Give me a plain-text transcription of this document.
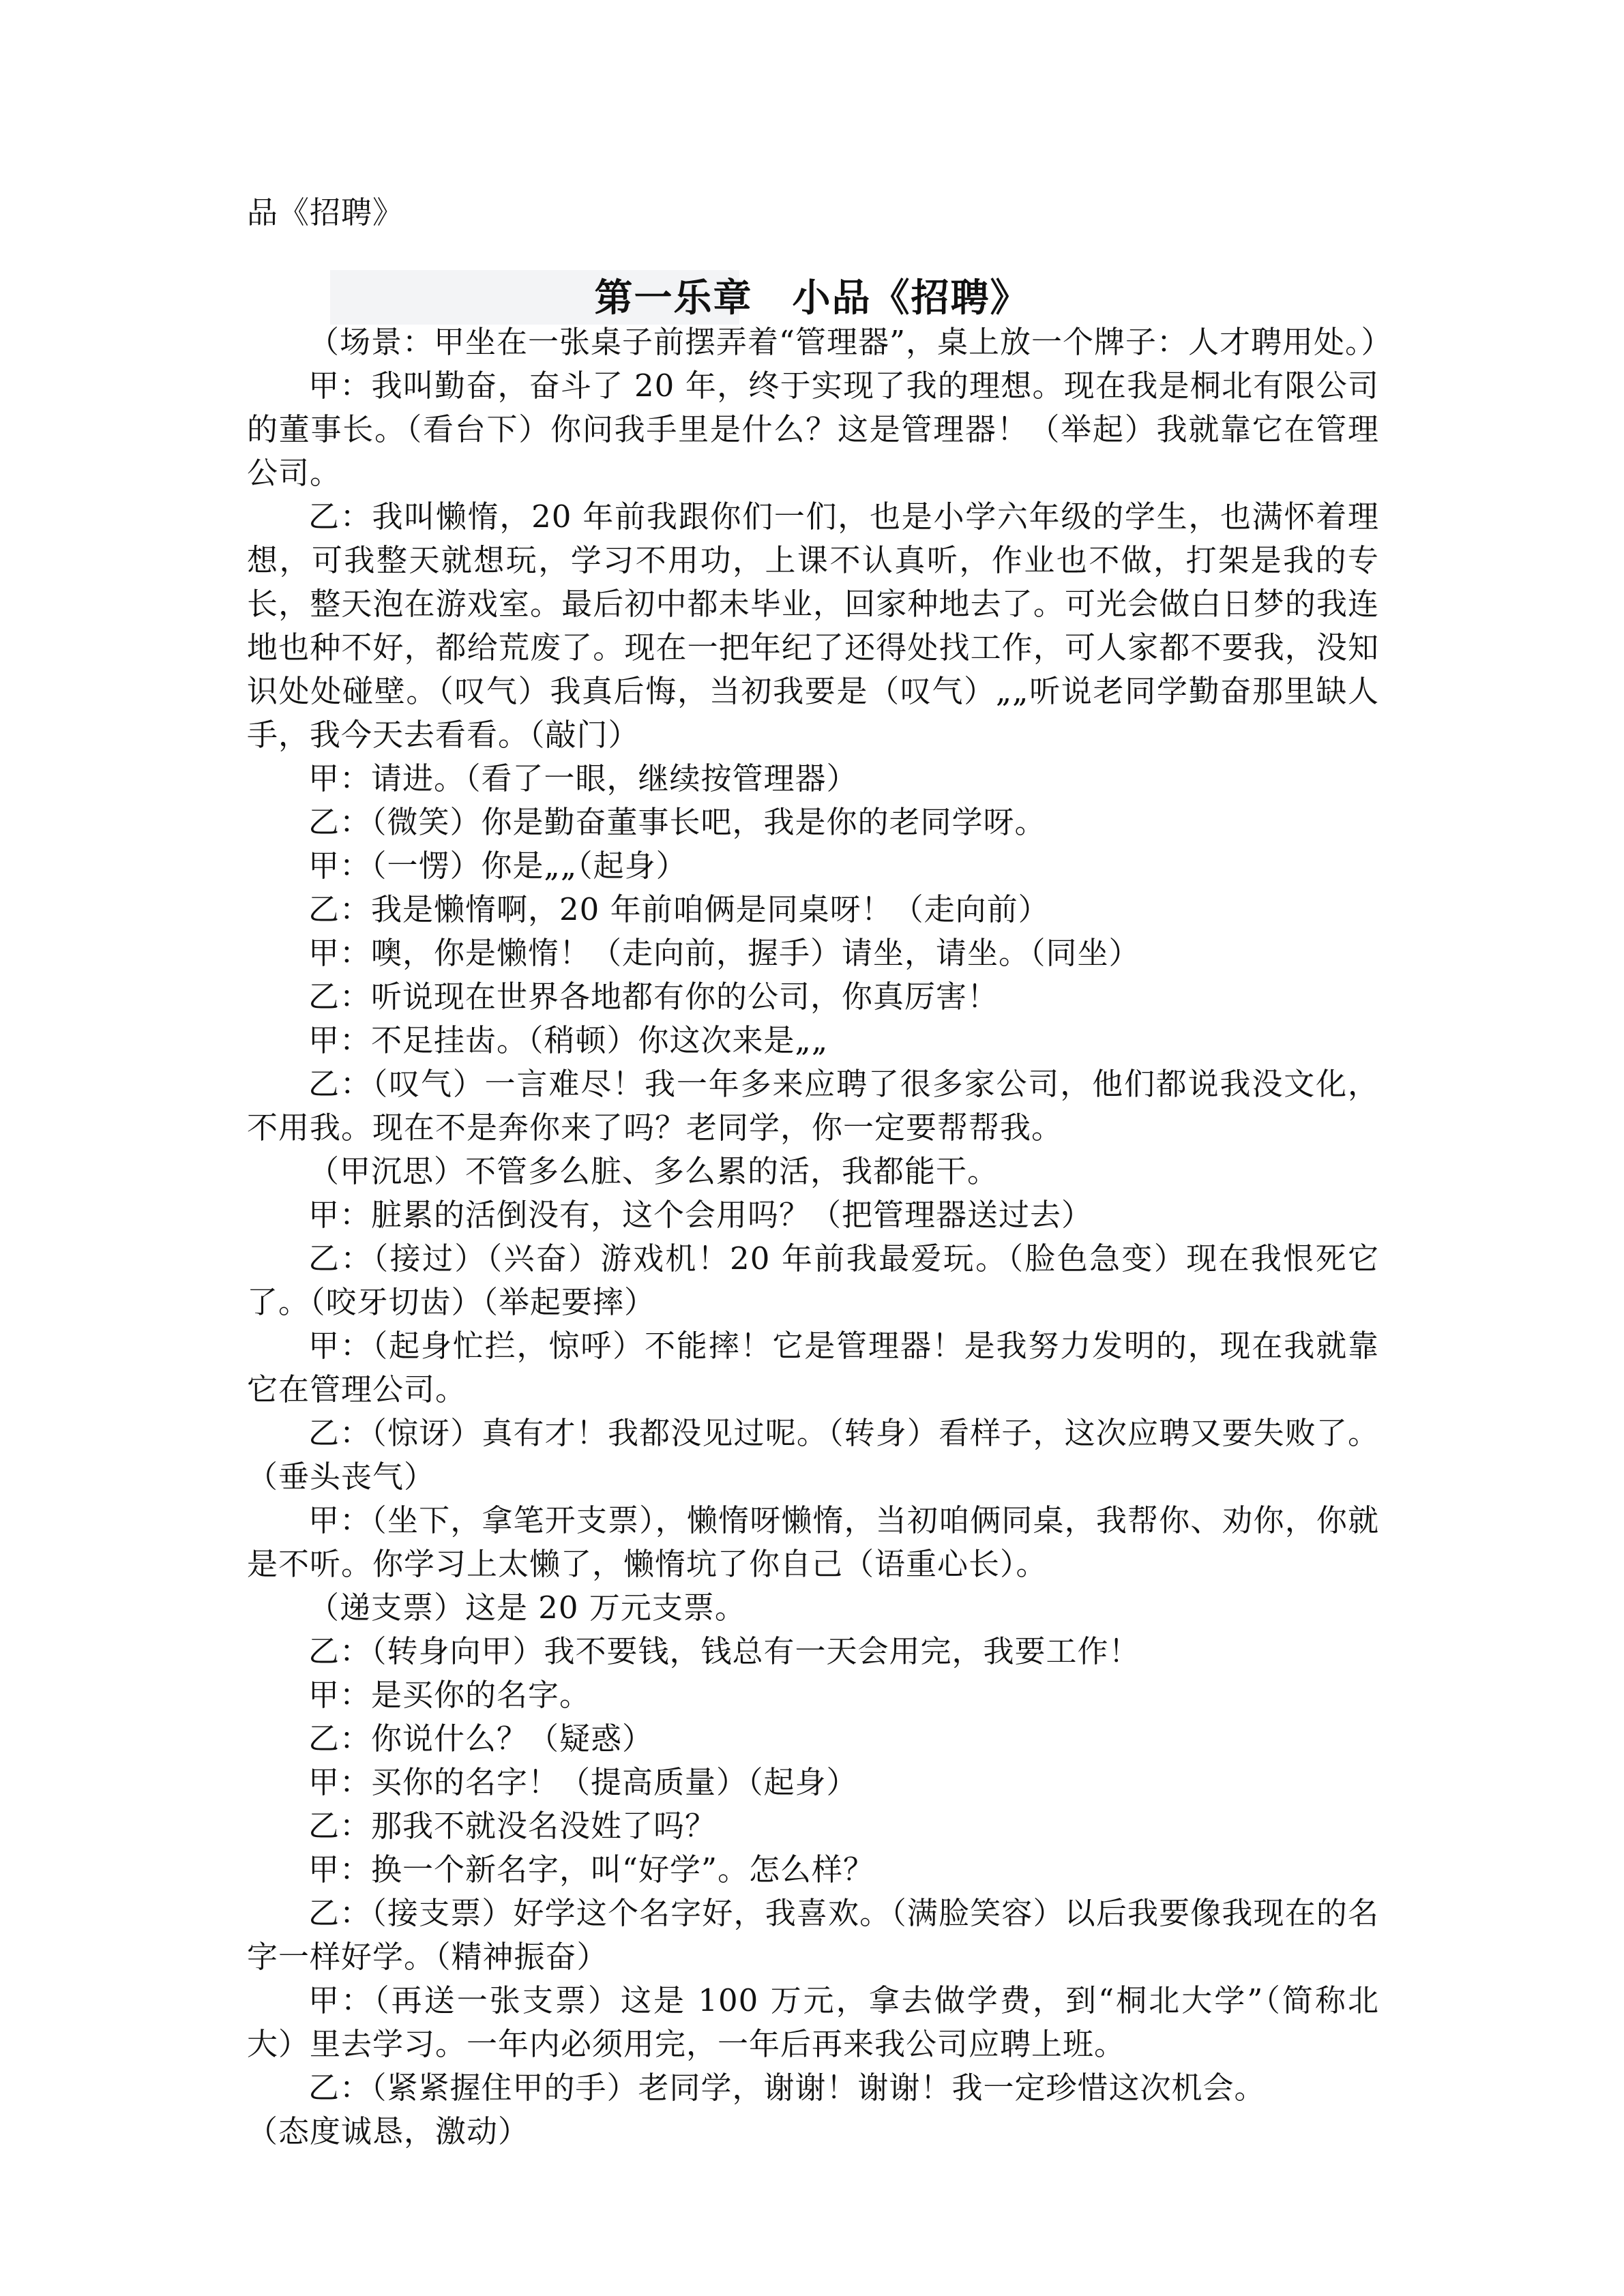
品《招聘》
第一乐章　小品《招聘》

（场景：甲坐在一张桌子前摆弄着“管理器”，桌上放一个牌子：人才聘用处。）

甲：我叫勤奋，奋斗了 20 年，终于实现了我的理想。现在我是桐北有限公司的董事长。（看台下）你问我手里是什么？这是管理器！（举起）我就靠它在管理公司。

乙：我叫懒惰，20 年前我跟你们一们，也是小学六年级的学生，也满怀着理想，可我整天就想玩，学习不用功，上课不认真听，作业也不做，打架是我的专长，整天泡在游戏室。最后初中都未毕业，回家种地去了。可光会做白日梦的我连地也种不好，都给荒废了。现在一把年纪了还得处找工作，可人家都不要我，没知识处处碰壁。（叹气）我真后悔，当初我要是（叹气）„„听说老同学勤奋那里缺人手，我今天去看看。（敲门）

甲：请进。（看了一眼，继续按管理器）

乙：（微笑）你是勤奋董事长吧，我是你的老同学呀。

甲：（一愣）你是„„（起身）

乙：我是懒惰啊，20 年前咱俩是同桌呀！（走向前）

甲：噢，你是懒惰！（走向前，握手）请坐，请坐。（同坐）

乙：听说现在世界各地都有你的公司，你真厉害！

甲：不足挂齿。（稍顿）你这次来是„„

乙：（叹气）一言难尽！我一年多来应聘了很多家公司，他们都说我没文化，不用我。现在不是奔你来了吗？老同学，你一定要帮帮我。

（甲沉思）不管多么脏、多么累的活，我都能干。

甲：脏累的活倒没有，这个会用吗？（把管理器送过去）

乙：（接过）（兴奋）游戏机！20 年前我最爱玩。（脸色急变）现在我恨死它了。（咬牙切齿）（举起要摔）

甲：（起身忙拦，惊呼）不能摔！它是管理器！是我努力发明的，现在我就靠它在管理公司。

乙：（惊讶）真有才！我都没见过呢。（转身）看样子，这次应聘又要失败了。（垂头丧气）

甲：（坐下，拿笔开支票），懒惰呀懒惰，当初咱俩同桌，我帮你、劝你，你就是不听。你学习上太懒了，懒惰坑了你自己（语重心长）。

（递支票）这是 20 万元支票。

乙：（转身向甲）我不要钱，钱总有一天会用完，我要工作！

甲：是买你的名字。

乙：你说什么？（疑惑）

甲：买你的名字！（提高质量）（起身）

乙：那我不就没名没姓了吗？

甲：换一个新名字，叫“好学”。怎么样？

乙：（接支票）好学这个名字好，我喜欢。（满脸笑容）以后我要像我现在的名字一样好学。（精神振奋）

甲：（再送一张支票）这是 100 万元，拿去做学费，到“桐北大学”（简称北大）里去学习。一年内必须用完，一年后再来我公司应聘上班。

乙：（紧紧握住甲的手）老同学，谢谢！谢谢！我一定珍惜这次机会。

（态度诚恳，激动）
